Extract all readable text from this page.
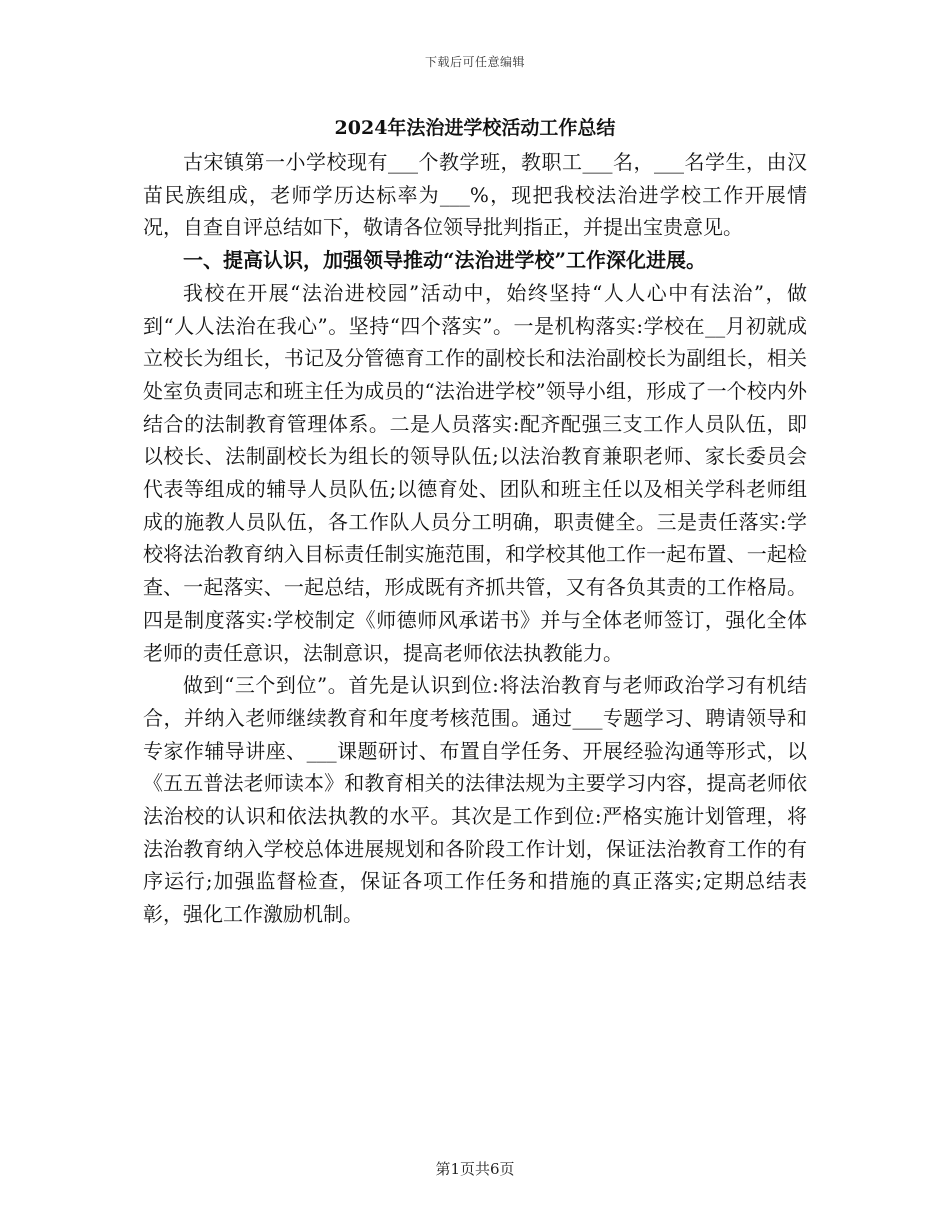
下载后可任意编辑
2024年法治进学校活动工作总结

古宋镇第一小学校现有___个教学班，教职工___名，___名学生，由汉苗民族组成，老师学历达标率为___%，现把我校法治进学校工作开展情况，自查自评总结如下，敬请各位领导批判指正，并提出宝贵意见。

一、提高认识，加强领导推动“法治进学校”工作深化进展。

我校在开展“法治进校园”活动中，始终坚持“人人心中有法治”，做到“人人法治在我心”。坚持“四个落实”。一是机构落实:学校在__月初就成立校长为组长，书记及分管德育工作的副校长和法治副校长为副组长，相关处室负责同志和班主任为成员的“法治进学校”领导小组，形成了一个校内外结合的法制教育管理体系。二是人员落实:配齐配强三支工作人员队伍，即以校长、法制副校长为组长的领导队伍;以法治教育兼职老师、家长委员会代表等组成的辅导人员队伍;以德育处、团队和班主任以及相关学科老师组成的施教人员队伍，各工作队人员分工明确，职责健全。三是责任落实:学校将法治教育纳入目标责任制实施范围，和学校其他工作一起布置、一起检查、一起落实、一起总结，形成既有齐抓共管，又有各负其责的工作格局。四是制度落实:学校制定《师德师风承诺书》并与全体老师签订，强化全体老师的责任意识，法制意识，提高老师依法执教能力。

做到“三个到位”。首先是认识到位:将法治教育与老师政治学习有机结合，并纳入老师继续教育和年度考核范围。通过___专题学习、聘请领导和专家作辅导讲座、___课题研讨、布置自学任务、开展经验沟通等形式，以《五五普法老师读本》和教育相关的法律法规为主要学习内容，提高老师依法治校的认识和依法执教的水平。其次是工作到位:严格实施计划管理，将法治教育纳入学校总体进展规划和各阶段工作计划，保证法治教育工作的有序运行;加强监督检查，保证各项工作任务和措施的真正落实;定期总结表彰，强化工作激励机制。

第1页共6页
